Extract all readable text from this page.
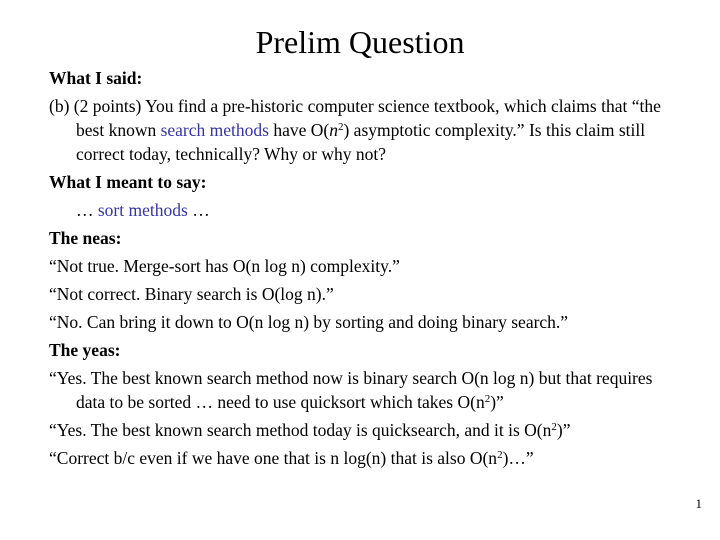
Prelim Question
What I said:
(b) (2 points) You find a pre-historic computer science textbook, which claims that “the best known search methods have $O(n^2)$ asymptotic complexity.” Is this claim still correct today, technically? Why or why not?
What I meant to say:
… sort methods …
The neas:
“Not true. Merge-sort has O(n log n) complexity.”
“Not correct. Binary search is O(log n).”
“No. Can bring it down to O(n log n) by sorting and doing binary search.”
The yeas:
“Yes. The best known search method now is binary search O(n log n) but that requires data to be sorted … need to use quicksort which takes $O(n^2)$”
“Yes. The best known search method today is quicksearch, and it is $O(n^2)$”
“Correct b/c even if we have one that is n log(n) that is also $O(n^2)\dots$”
1
